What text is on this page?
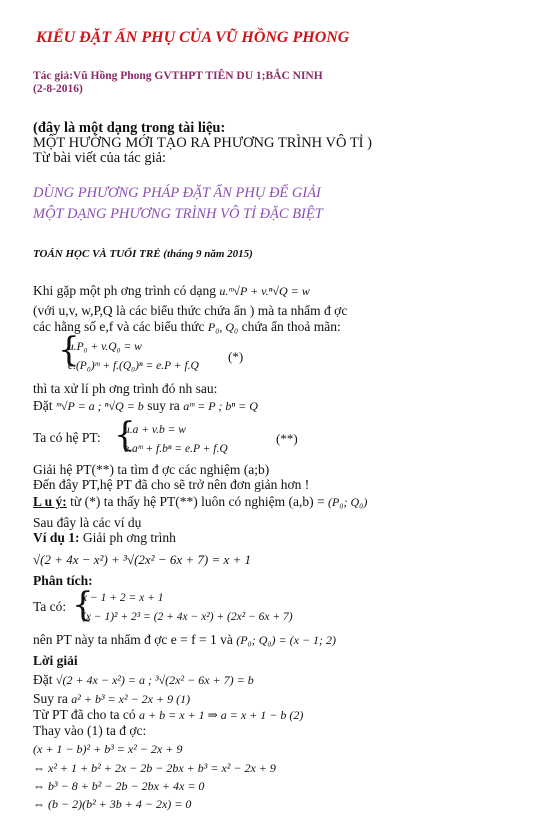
KIỂU ĐẶT ẨN PHỤ CỦA VŨ HỒNG PHONG
Tác giả:Vũ Hồng Phong GVTHPT TIÊN DU 1;BẮC NINH
(2-8-2016)
(đây là một dạng trong tài liệu:
MỘT HƯỚNG MỚI TẠO RA PHƯƠNG TRÌNH VÔ TỈ )
Từ bài viết của tác giả:
DÙNG PHƯƠNG PHÁP ĐẶT ẨN PHỤ ĐỂ GIẢI
MỘT DẠNG PHƯƠNG TRÌNH VÔ TỈ ĐẶC BIỆT
TOÁN HỌC VÀ TUỔI TRẺ (tháng 9 năm 2015)
Khi gặp một ph ơng trình có dạng u.ᵐ√P + v.ⁿ√Q = w
(với u,v, w,P,Q là các biểu thức chứa ẩn ) mà ta nhẩm đ ợc
các hằng số e,f và các biểu thức P₀, Q₀ chứa ẩn thoả mãn:
{
u.P₀ + v.Q₀ = w
e.(P₀)ᵐ + f.(Q₀)ⁿ = e.P + f.Q
(*)
thì ta xử lí ph ơng trình đó nh sau:
Đặt ᵐ√P = a ; ⁿ√Q = b suy ra aᵐ = P ; bⁿ = Q
Ta có hệ PT: {
u.a + v.b = w
e.aᵐ + f.bⁿ = e.P + f.Q
(**)
Giải hệ PT(**) ta tìm đ ợc các nghiệm (a;b)
Đến đây PT,hệ PT đã cho sẽ trở nên đơn giản hơn !
L u ý: từ (*) ta thấy hệ PT(**) luôn có nghiệm (a,b) = (P₀; Q₀)
Sau đây là các ví dụ
Ví dụ 1: Giải ph ơng trình
√(2 + 4x − x²) + ³√(2x² − 6x + 7) = x + 1
Phân tích:
Ta có: {
x − 1 + 2 = x + 1
(x − 1)² + 2³ = (2 + 4x − x²) + (2x² − 6x + 7)
nên PT này ta nhẩm đ ợc e = f = 1 và (P₀; Q₀) = (x − 1; 2)
Lời giải
Đặt √(2 + 4x − x²) = a ; ³√(2x² − 6x + 7) = b
Suy ra a² + b³ = x² − 2x + 9 (1)
Từ PT đã cho ta có a + b = x + 1 ⇒ a = x + 1 − b (2)
Thay vào (1) ta đ ợc:
(x + 1 − b)² + b³ = x² − 2x + 9
⇔ x² + 1 + b² + 2x − 2b − 2bx + b³ = x² − 2x + 9
⇔ b³ − 8 + b² − 2b − 2bx + 4x = 0
⇔ (b − 2)(b² + 3b + 4 − 2x) = 0
